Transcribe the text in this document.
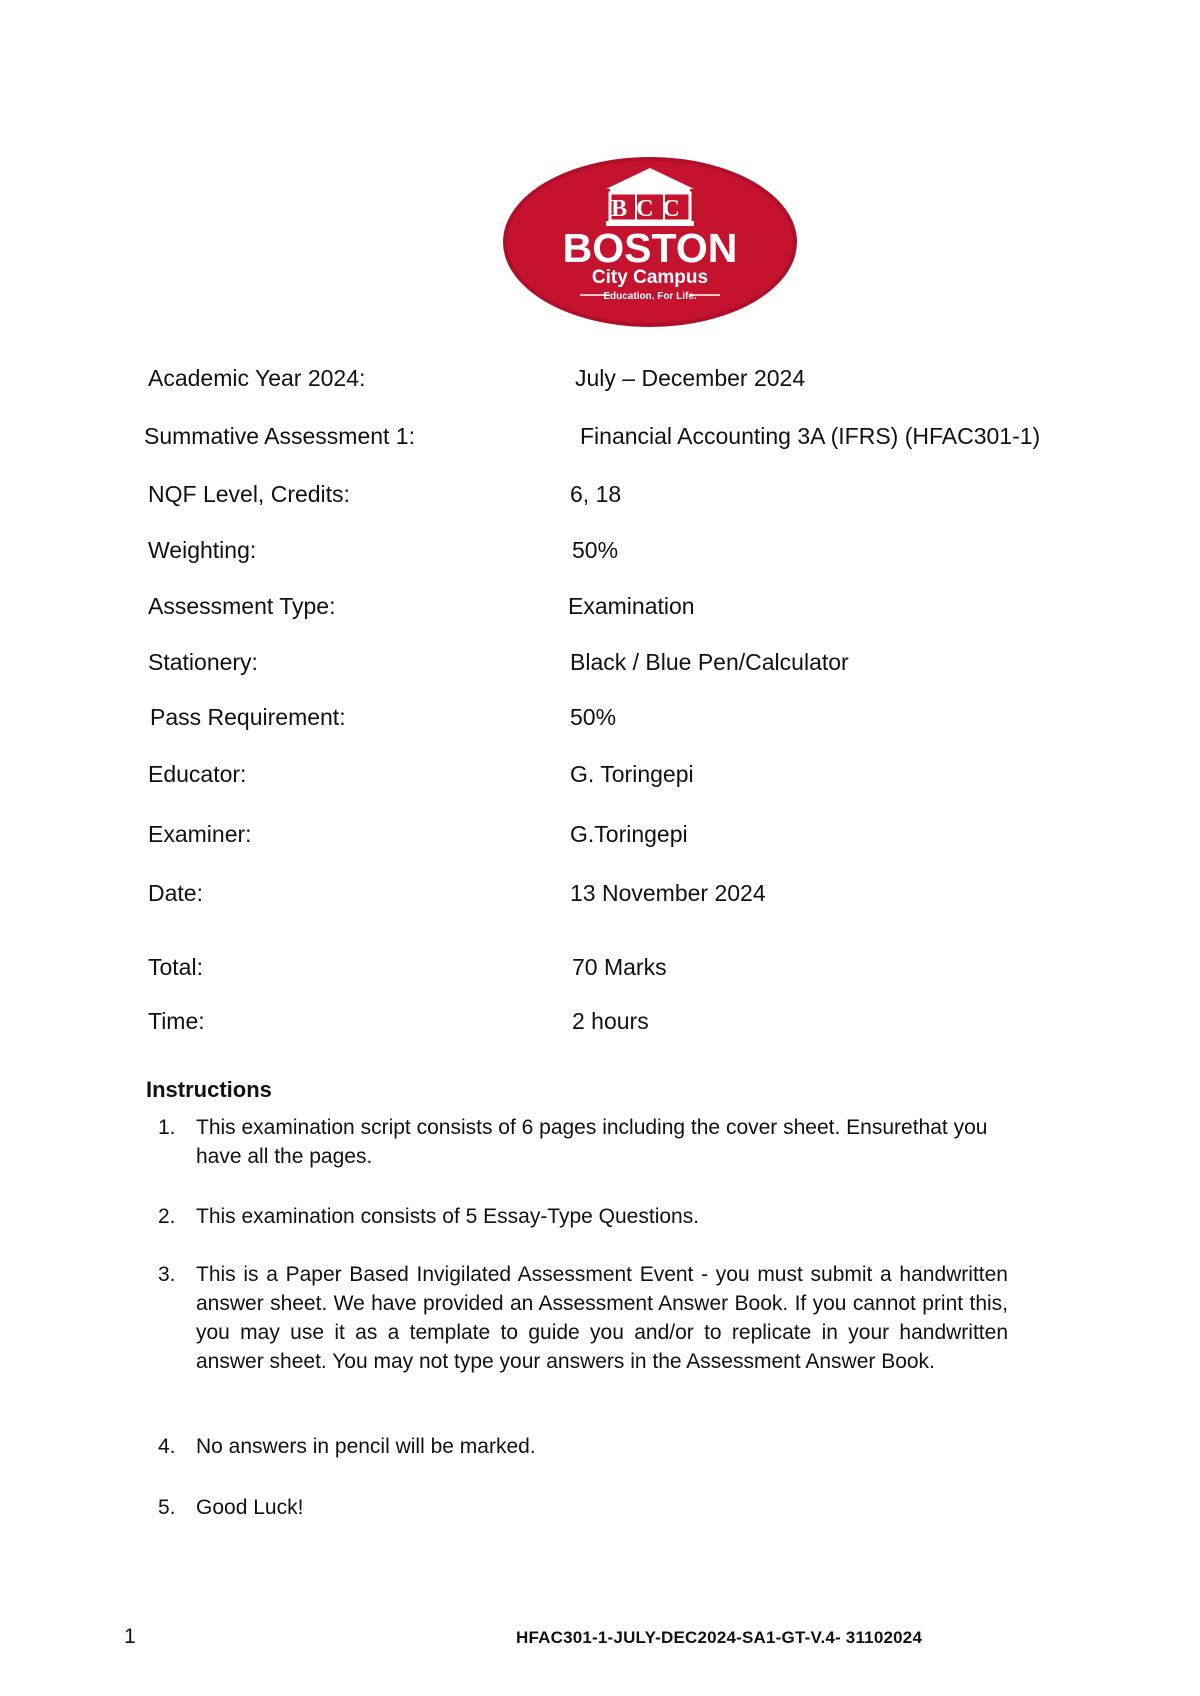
BCC
BOSTON
City Campus
Education. For Life.
Academic Year 2024:	July – December 2024
Summative Assessment 1:	Financial Accounting 3A (IFRS) (HFAC301-1)
NQF Level, Credits:	6, 18
Weighting:	50%
Assessment Type:	Examination
Stationery:	Black / Blue Pen/Calculator
Pass Requirement:	50%
Educator:	G. Toringepi
Examiner:	G.Toringepi
Date:	13 November 2024
Total:	70 Marks
Time:	2 hours
Instructions
1. This examination script consists of 6 pages including the cover sheet. Ensurethat you have all the pages.
2. This examination consists of 5 Essay-Type Questions.
3. This is a Paper Based Invigilated Assessment Event - you must submit a handwritten answer sheet. We have provided an Assessment Answer Book. If you cannot print this, you may use it as a template to guide you and/or to replicate in your handwritten answer sheet. You may not type your answers in the Assessment Answer Book.
4. No answers in pencil will be marked.
5. Good Luck!
1	HFAC301-1-JULY-DEC2024-SA1-GT-V.4- 31102024
